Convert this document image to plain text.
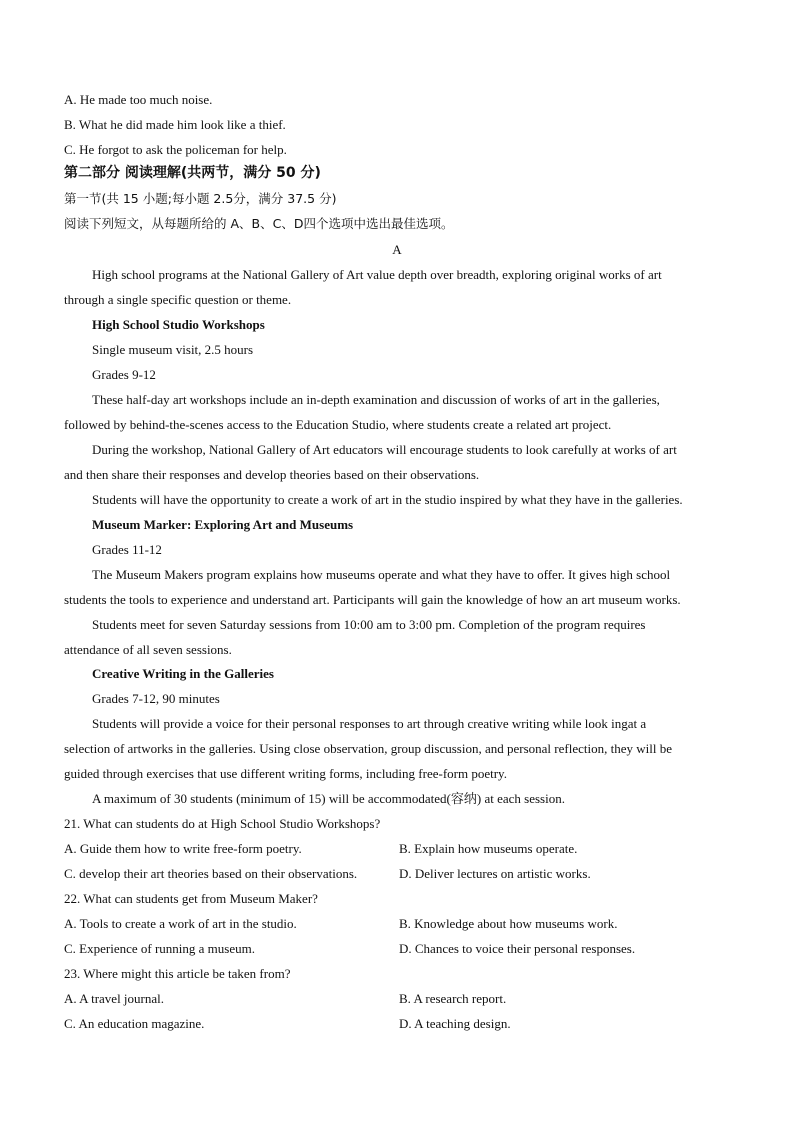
A. He made too much noise.
B. What he did made him look like a thief.
C. He forgot to ask the policeman for help.
第二部分 阅读理解(共两节，满分 50 分)
第一节(共 15 小题;每小题 2.5分，满分 37.5 分)
阅读下列短文，从每题所给的 A、B、C、D四个选项中选出最佳选项。
A
High school programs at the National Gallery of Art value depth over breadth, exploring original works of art
through a single specific question or theme.
High School Studio Workshops
Single museum visit, 2.5 hours
Grades 9-12
These half-day art workshops include an in-depth examination and discussion of works of art in the galleries,
followed by behind-the-scenes access to the Education Studio, where students create a related art project.
During the workshop, National Gallery of Art educators will encourage students to look carefully at works of art
and then share their responses and develop theories based on their observations.
Students will have the opportunity to create a work of art in the studio inspired by what they have in the galleries.
Museum Marker: Exploring Art and Museums
Grades 11-12
The Museum Makers program explains how museums operate and what they have to offer. It gives high school
students the tools to experience and understand art. Participants will gain the knowledge of how an art museum works.
Students meet for seven Saturday sessions from 10:00 am to 3:00 pm. Completion of the program requires
attendance of all seven sessions.
Creative Writing in the Galleries
Grades 7-12, 90 minutes
Students will provide a voice for their personal responses to art through creative writing while look ingat a
selection of artworks in the galleries. Using close observation, group discussion, and personal reflection, they will be
guided through exercises that use different writing forms, including free-form poetry.
A maximum of 30 students (minimum of 15) will be accommodated(容纳) at each session.
21. What can students do at High School Studio Workshops?
A. Guide them how to write free-form poetry.	B. Explain how museums operate.
C. develop their art theories based on their observations.	D. Deliver lectures on artistic works.
22. What can students get from Museum Maker?
A. Tools to create a work of art in the studio.	B. Knowledge about how museums work.
C. Experience of running a museum.	D. Chances to voice their personal responses.
23. Where might this article be taken from?
A. A travel journal.	B. A research report.
C. An education magazine.	D. A teaching design.
